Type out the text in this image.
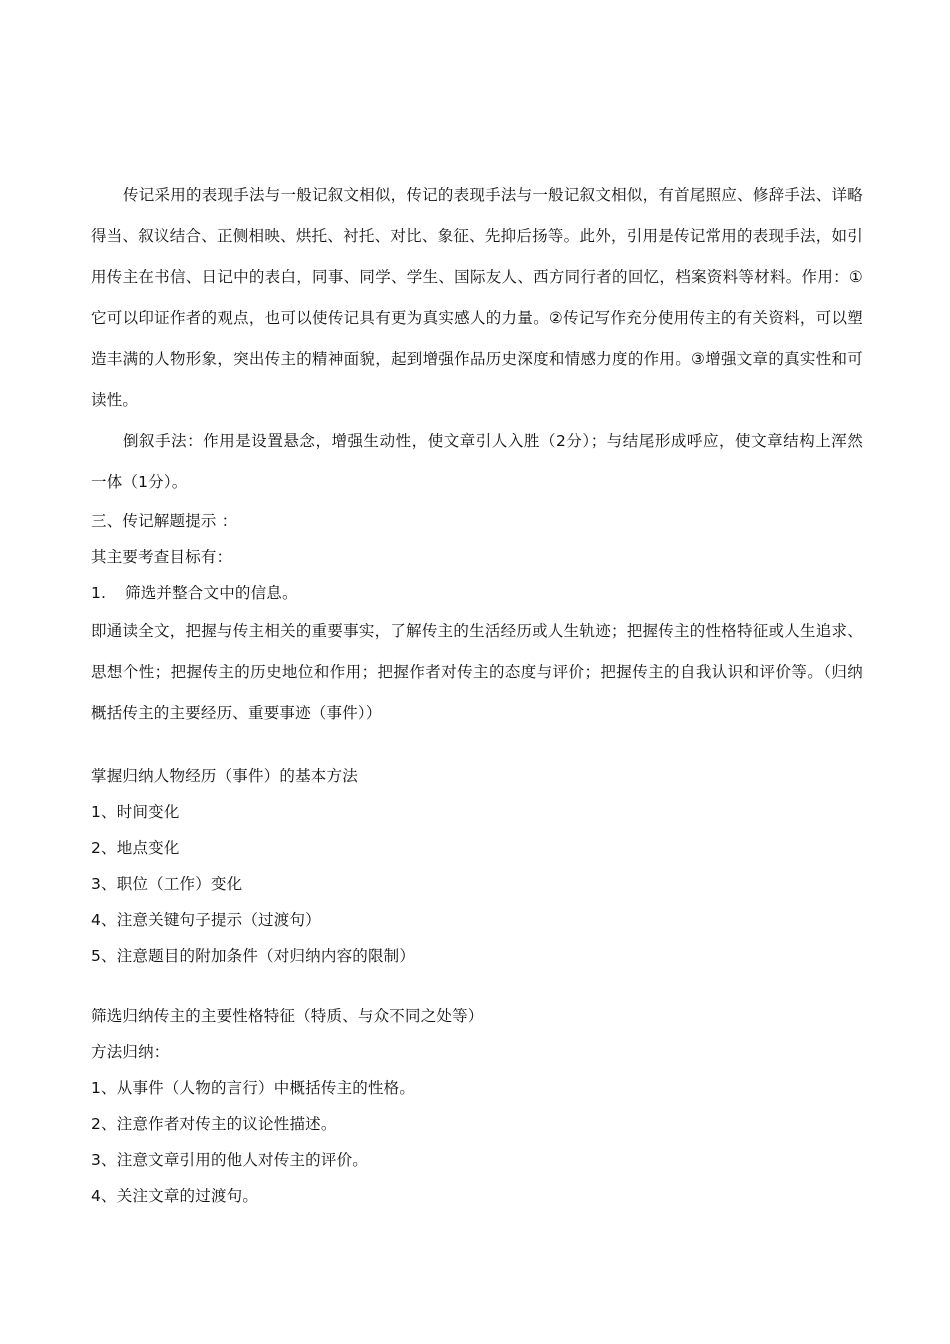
传记采用的表现手法与一般记叙文相似，传记的表现手法与一般记叙文相似，有首尾照应、修辞手法、详略得当、叙议结合、正侧相映、烘托、衬托、对比、象征、先抑后扬等。此外，引用是传记常用的表现手法，如引用传主在书信、日记中的表白，同事、同学、学生、国际友人、西方同行者的回忆，档案资料等材料。作用：①它可以印证作者的观点，也可以使传记具有更为真实感人的力量。②传记写作充分使用传主的有关资料，可以塑造丰满的人物形象，突出传主的精神面貌，起到增强作品历史深度和情感力度的作用。③增强文章的真实性和可读性。

倒叙手法：作用是设置悬念，增强生动性，使文章引人入胜（2分）；与结尾形成呼应，使文章结构上浑然一体（1分）。

三、传记解题提示 ：

其主要考查目标有：

1. 筛选并整合文中的信息。

即通读全文，把握与传主相关的重要事实，了解传主的生活经历或人生轨迹；把握传主的性格特征或人生追求、思想个性；把握传主的历史地位和作用；把握作者对传主的态度与评价；把握传主的自我认识和评价等。（归纳概括传主的主要经历、重要事迹（事件））

掌握归纳人物经历（事件）的基本方法

1、时间变化

2、地点变化

3、职位（工作）变化

4、注意关键句子提示（过渡句）

5、注意题目的附加条件（对归纳内容的限制）

筛选归纳传主的主要性格特征（特质、与众不同之处等）

方法归纳：

1、从事件（人物的言行）中概括传主的性格。

2、注意作者对传主的议论性描述。

3、注意文章引用的他人对传主的评价。

4、关注文章的过渡句。
